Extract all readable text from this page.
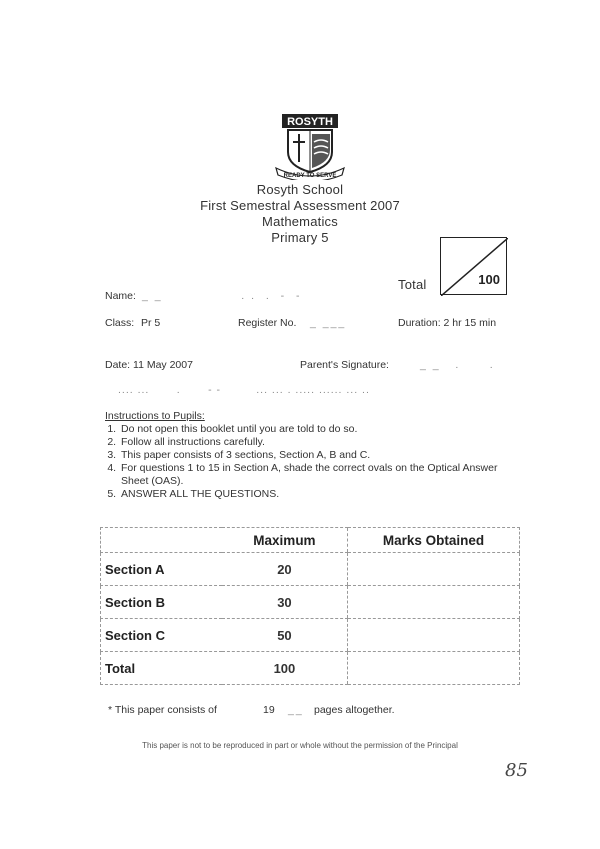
ROSYTH
READY TO SERVE
Rosyth School
First Semestral Assessment 2007
Mathematics
Primary 5
Total	100
Name: _ _                . .  .  -  -
Class: Pr 5	Register No. _ ___	Duration: 2 hr 15 min
Date: 11 May 2007	Parent's Signature:	_ _   .      .
.... ...       .       - -         ... ... . ..... ...... ... ..
Instructions to Pupils:
1. Do not open this booklet until you are told to do so.
2. Follow all instructions carefully.
3. This paper consists of 3 sections, Section A, B and C.
4. For questions 1 to 15 in Section A, shade the correct ovals on the Optical Answer Sheet (OAS).
5. ANSWER ALL THE QUESTIONS.
	Maximum	Marks Obtained
Section A	20	
Section B	30	
Section C	50	
Total	100	
* This paper consists of	19 __ pages altogether.
This paper is not to be reproduced in part or whole without the permission of the Principal
85
